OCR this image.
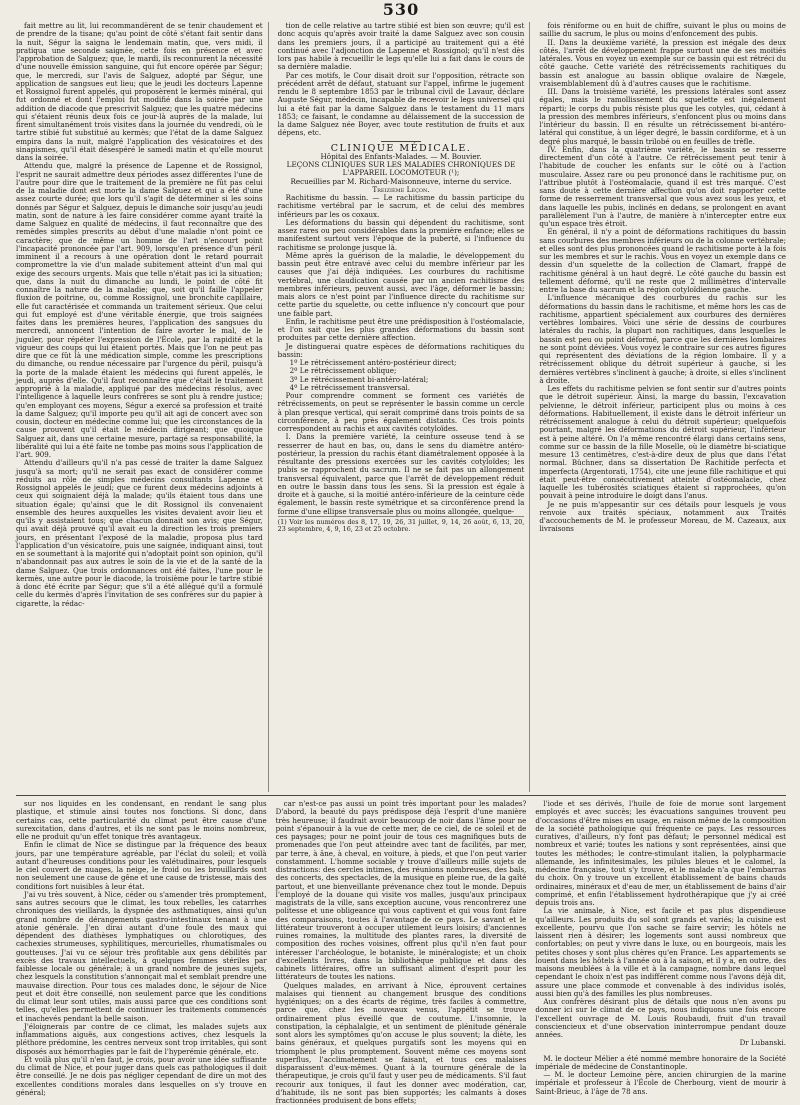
530

fait mettre au lit, lui recommandèrent de se tenir chaudement et de prendre de la tisane; qu'au point de côté s'étant fait sentir dans la nuit, Ségur la saigna le lendemain matin, que, vers midi, il pratiqua une seconde saignée, cette fois en présence et avec l'approbation de Salguez; que, le mardi, ils reconnurent la nécessité d'une nouvelle émission sanguine, qui fut encore opérée par Ségur; que, le mercredi, sur l'avis de Salguez, adopté par Ségur, une application de sangsues eut lieu; que le jeudi les docteurs Lapenne et Rossignol furent appelés, qui proposèrent le kermès minéral, qui fut ordonné et dont l'emploi fut modifié dans la soirée par une addition de diacode que prescrivit Salguez; que les quatre médecins qui s'étaient réunis deux fois ce jour-là auprès de la malade, lui firent simultanément trois visites dans la journée du vendredi, où le tartre stibié fut substitué au kermès; que l'état de la dame Salguez empira dans la nuit, malgré l'application des vésicatoires et des sinapismes, qu'il était désespéré le samedi matin et qu'elle mourut dans la soirée.

Attendu que, malgré la présence de Lapenne et de Rossignol, l'esprit ne saurait admettre deux périodes assez différentes l'une de l'autre pour dire que le traitement de la première ne fût pas celui de la maladie dont est morte la dame Salguez et qui a été d'une assez courte durée; que lors qu'il s'agit de déterminer si les soins donnés par Ségur et Salguez, depuis le dimanche soir jusqu'au jeudi matin, sont de nature à les faire considérer comme ayant traité la dame Salguez en qualité de médecins, il faut reconnaître que des remèdes simples prescrits au début d'une maladie n'ont point ce caractère; que de même un homme de l'art n'encourt point l'incapacité prononcée par l'art. 909, lorsqu'en présence d'un péril imminent il a recours à une opération dont le retard pourrait compromettre la vie d'un malade subitement atteint d'un mal qui exige des secours urgents. Mais que telle n'était pas ici la situation; que, dans la nuit du dimanche au lundi, le point de côté fit connaître la nature de la maladie; que, soit qu'il faille l'appeler fluxion de poitrine, ou, comme Rossignol, une bronchite capillaire, elle fut caractérisée et commanda un traitement sérieux. Que celui qui fut employé est d'une véritable énergie, que trois saignées faites dans les premières heures, l'application des sangsues du mercredi, annoncent l'intention de faire avorter le mal, de le juguler, pour répéter l'expression de l'École, par la rapidité et la vigueur des coups qui lui étaient portés. Mais que l'on ne peut pas dire que ce fût là une médication simple, comme les prescriptions du dimanche, ou rendue nécessaire par l'urgence du péril, puisqu'à la porte de la malade étaient les médecins qui furent appelés, le jeudi, auprès d'elle. Qu'il faut reconnaître que c'était le traitement approprié à la maladie, appliqué par des médecins résolus, avec l'intelligence à laquelle leurs confrères se sont plu à rendre justice; qu'en employant ces moyens, Ségur a exercé sa profession et traité la dame Salguez; qu'il importe peu qu'il ait agi de concert avec son cousin, docteur en médecine comme lui; que les circonstances de la cause prouvent qu'il était le médecin dirigeant; que quoique Salguez ait, dans une certaine mesure, partagé sa responsabilité, la libéralité qui lui a été faite ne tombe pas moins sous l'application de l'art. 909.

Attendu d'ailleurs qu'il n'a pas cessé de traiter la dame Salguez jusqu'à sa mort; qu'il ne serait pas exact de considérer comme réduits au rôle de simples médecins consultants Lapenne et Rossignol appelés le jeudi; que ce furent deux médecins adjoints à ceux qui soignaient déjà la malade; qu'ils étaient tous dans une situation égale; qu'ainsi que le dit Rossignol ils convenaient ensemble des heures auxquelles les visites devaient avoir lieu et qu'ils y assistaient tous; que chacun donnait son avis; que Ségur, qui avait déjà prouvé qu'il avait eu la direction les trois premiers jours, en présentant l'exposé de la maladie, proposa plus tard l'application d'un vésicatoire, puis une saignée, indiquant ainsi, tout en se soumettant à la majorité qui n'adoptait point son opinion, qu'il n'abandonnait pas aux autres le soin de la vie et de la santé de la dame Salguez. Que trois ordonnances ont été faites, l'une pour le kermès, une autre pour le diacode, la troisième pour le tartre stibié à donc été écrite par Ségur; que s'il a été allégué qu'il a formulé celle du kermès d'après l'invitation de ses confrères sur du papier à cigarette, la rédac-

tion de celle relative au tartre stibié est bien son œuvre; qu'il est donc acquis qu'après avoir traité la dame Salguez avec son cousin dans les premiers jours, il a participé au traitement qui a été continué avec l'adjonction de Lapenne et Rossignol; qu'il n'est dès lors pas habile à recueillir le legs qu'elle lui a fait dans le cours de sa dernière maladie.

Par ces motifs, le Cour disait droit sur l'opposition, rétracte son précédent arrêt de défaut, statuant sur l'appel, infirme le jugement rendu le 8 septembre 1853 par le tribunal civil de Lavaur, déclare Auguste Ségur, médecin, incapable de recevoir le legs universel qui lui a été fait par la dame Salguez dans le testament du 11 mars 1853; ce faisant, le condamne au délaissement de la succession de la dame Salguez née Boyer, avec toute restitution de fruits et aux dépens, etc.

CLINIQUE MÉDICALE.

Hôpital des Enfants-Malades. — M. Bouvier.

LEÇONS CLINIQUES SUR LES MALADIES CHRONIQUES DE L'APPAREIL LOCOMOTEUR (¹);

Recueillies par M. Richard-Maisonneuve, interne du service.

Treizième Leçon.

Rachitisme du bassin. — Le rachitisme du bassin participe du rachitisme vertébral par le sacrum, et de celui des membres inférieurs par les os coxaux.

Les déformations du bassin qui dépendent du rachitisme, sont assez rares ou peu considérables dans la première enfance; elles se manifestent surtout vers l'époque de la puberté, si l'influence du rachitisme se prolonge jusque là.

Même après la guérison de la maladie, le développement du bassin peut être entravé avec celui du membre inférieur par les causes que j'ai déjà indiquées. Les courbures du rachitisme vertébral, une claudication causée par un ancien rachitisme des membres inférieurs, peuvent aussi, avec l'âge, déformer le bassin; mais alors ce n'est point par l'influence directe du rachitisme sur cette partie du squelette, ou cette influence n'y concourt que pour une faible part.

Enfin, le rachitisme peut être une prédisposition à l'ostéomalacie, et l'on sait que les plus grandes déformations du bassin sont produites par cette dernière affection.

Je distinguerai quatre espèces de déformations rachitiques du bassin:

1º Le rétrécissement antéro-postérieur direct;

2º Le rétrécissement oblique;

3º Le rétrécissement bi-antéro-latéral;

4º Le rétrécissement transversal.

Pour comprendre comment se forment ces variétés de rétrécissements, on peut se représenter le bassin comme un cercle à plan presque vertical, qui serait comprimé dans trois points de sa circonférence, à peu près également distants. Ces trois points correspondent au rachis et aux cavités cotyloïdes.

I. Dans la première variété, la ceinture osseuse tend à se resserrer de haut en bas, ou, dans le sens du diamètre antéro-postérieur, la pression du rachis étant diamétralement opposée à la résultante des pressions exercées sur les cavités cotyloïdes; les pubis se rapprochent du sacrum. Il ne se fait pas un allongement transversal équivalent, parce que l'arrêt de développement réduit en outre le bassin dans tous les sens. Si la pression est égale à droite et à gauche, si la moitié antéro-inférieure de la ceinture cède également, le bassin reste symétrique et sa circonférence prend la forme d'une ellipse transversale plus ou moins allongée, quelque-

(1) Voir les numéros des 8, 17, 19, 26, 31 juillet, 9, 14, 26 août, 6, 13, 20, 23 septembre, 4, 9, 16, 23 et 25 octobre.

fois réniforme ou en huit de chiffre, suivant le plus ou moins de saillie du sacrum, le plus ou moins d'enfoncement des pubis.

II. Dans la deuxième variété, la pression est inégale des deux côtés, l'arrêt de développement frappe surtout une de ses moitiés latérales. Vous en voyez un exemple sur ce bassin qui est rétréci du côté gauche. Cette variété des rétrécissements rachitiques du bassin est analogue au bassin oblique ovalaire de Nægele, vraisemblablement dû à d'autres causes que le rachitisme.

III. Dans la troisième variété, les pressions latérales sont assez égales, mais le ramollissement du squelette est inégalement réparti; le corps du pubis résiste plus que les cotyles, qui, cédant à la pression des membres inférieurs, s'enfoncent plus ou moins dans l'intérieur du bassin. Il en résulte un rétrécissement bi-antéro-latéral qui constitue, à un léger degré, le bassin cordiforme, et à un degré plus marqué, le bassin trilobé ou en feuilles de trèfle.

IV. Enfin, dans la quatrième variété, le bassin se resserre directement d'un côté à l'autre. Ce rétrécissement peut tenir à l'habitude de coucher les enfants sur le côté ou à l'action musculaire. Assez rare ou peu prononcé dans le rachitisme pur, on l'attribue plutôt à l'ostéomalacie, quand il est très marqué. C'est sans doute à cette dernière affection qu'on doit rapporter cette forme de resserrement transversal que vous avez sous les yeux, et dans laquelle les pubis, inclinés en dedans, se prolongent en avant parallèlement l'un à l'autre, de manière à n'intercepter entre eux qu'un espace très étroit.

En général, il n'y a point de déformations rachitiques du bassin sans courbures des membres inférieurs ou de la colonne vertébrale; et elles sont des plus prononcées quand le rachitisme porte à la fois sur les membres et sur le rachis. Vous en voyez un exemple dans ce dessin d'un squelette de la collection de Clamart, frappé de rachitisme général à un haut degré. Le côté gauche du bassin est tellement déformé, qu'il ne reste que 2 millimètres d'intervalle entre la base du sacrum et la région cotyloïdienne gauche.

L'influence mécanique des courbures du rachis sur les déformations du bassin dans le rachitisme, et même hors les cas de rachitisme, appartient spécialement aux courbures des dernières vertèbres lombaires. Voici une série de dessins de courbures latérales du rachis, la plupart non rachitiques, dans lesquelles le bassin est peu ou point déformé, parce que les dernières lombaires ne sont point déviées. Vous voyez le contraire sur ces autres figures qui représentent des déviations de la région lombaire. Il y a rétrécissement oblique du détroit supérieur à gauche, si les dernières vertèbres s'inclinent à gauche; à droite, si elles s'inclinent à droite.

Les effets du rachitisme pelvien se font sentir sur d'autres points que le détroit supérieur. Ainsi, la marge du bassin, l'excavation pelvienne, le détroit inférieur, participent plus ou moins à ces déformations. Habituellement, il existe dans le détroit inférieur un rétrécissement analogue à celui du détroit supérieur; quelquefois pourtant, malgré les déformations du détroit supérieur, l'inférieur est à peine altéré. On l'a même rencontré élargi dans certains sens, comme sur ce bassin de la fille Moselle, où le diamètre bi-sciatique mesure 13 centimètres, c'est-à-dire deux de plus que dans l'état normal. Büchner, dans sa dissertation De Rachitide perfecta et imperfecta (Argentorati, 1754), cite une jeune fille rachitique et qui était peut-être consécutivement atteinte d'ostéomalacie, chez laquelle les tubérosités sciatiques étaient si rapprochées, qu'on pouvait à peine introduire le doigt dans l'anus.

Je ne puis m'appesantir sur ces détails pour lesquels je vous renvoie aux traités spéciaux, notamment aux Traités d'accouchements de M. le professeur Moreau, de M. Cazeaux, aux livraisons

sur nos liquides en les condensant, en rendant le sang plus plastique, et stimule ainsi toutes nos fonctions. Si donc, dans certains cas, cette particularité du climat peut être cause d'une surexcitation, dans d'autres, et ils ne sont pas le moins nombreux, elle ne produit qu'un effet tonique très avantageux.

Enfin le climat de Nice se distingue par la fréquence des beaux jours, par une température agréable, par l'éclat du soleil; et voilà autant d'heureuses conditions pour les valétudinaires, pour lesquels le ciel couvert de nuages, la neige, le froid ou les brouillards sont non seulement une cause de gêne et une cause de tristesse, mais des conditions fort nuisibles à leur état.

J'ai vu très souvent, à Nice, céder ou s'amender très promptement, sans autres secours que le climat, les toux rebelles, les catarrhes chroniques des vieillards, la dyspnée des asthmatiques, ainsi qu'un grand nombre de dérangements gastro-intestinaux tenant à une atonie générale. J'en dirai autant d'une foule des maux qui dépendent des diathèses lymphatiques ou chlorotiques, des cachexies strumeuses, syphilitiques, mercurielles, rhumatismales ou goutteuses. J'ai vu ce séjour très profitable aux gens débilités par excès des travaux intellectuels, à quelques femmes stériles par faiblesse locale ou générale; à un grand nombre de jeunes sujets, chez lesquels la constitution s'annonçait mal et semblait prendre une mauvaise direction. Pour tous ces malades donc, le séjour de Nice peut et doit être conseillé, non seulement parce que les conditions du climat leur sont utiles, mais aussi parce que ces conditions sont telles, qu'elles permettent de continuer les traitements commencés et inachevés pendant la belle saison.

J'éloignerais par contre de ce climat, les malades sujets aux inflammations aiguës, aux congestions actives, chez lesquels la pléthore prédomine, les centres nerveux sont trop irritables, qui sont disposés aux hémorrhagies par le fait de l'hyperémie générale, etc.

Et voilà plus qu'il n'en faut, je crois, pour avoir une idée suffisante du climat de Nice, et pour juger dans quels cas pathologiques il doit être conseillé. Je ne dois pas négliger cependant de dire un mot des excellentes conditions morales dans lesquelles on s'y trouve en général;

car n'est-ce pas aussi un point très important pour les malades? D'abord, la beauté du pays prédispose déjà l'esprit d'une manière très heureuse; il faudrait avoir beaucoup de noir dans l'âme pour ne point s'épanouir à la vue de cette mer, de ce ciel, de ce soleil et de ces paysages; pour ne point jouir de tous ces magnifiques buts de promenades que l'on peut atteindre avec tant de facilités, par mer, par terre, à âne, à cheval, en voiture, à pieds, et que l'on peut varier constamment. L'homme sociable y trouve d'ailleurs mille sujets de distractions: des cercles intimes, des réunions nombreuses, des bals, des concerts, des spectacles, de la musique en pleine rue, de la gaîté partout, et une bienveillante prévenance chez tout le monde. Depuis l'employé de la douane qui visite vos malles, jusqu'aux principaux magistrats de la ville, sans exception aucune, vous rencontrerez une politesse et une obligeance qui vous captivent et qui vous font faire des comparaisons, toutes à l'avantage de ce pays. Le savant et le littérateur trouveront à occuper utilement leurs loisirs; d'anciennes ruines romaines, la multitude des plantes rares, la diversité de composition des roches voisines, offrent plus qu'il n'en faut pour intéresser l'archéologue, le botaniste, le minéralogiste; et un choix d'excellents livres, dans la bibliothèque publique et dans des cabinets littéraires, offre un suffisant aliment d'esprit pour les littérateurs de toutes les nations.

Quelques malades, en arrivant à Nice, éprouvent certaines malaises qui tiennent au changement brusque des conditions hygiéniques; on a des écarts de régime, très faciles à commettre, parce que, chez les nouveaux venus, l'appétit se trouve ordinairement plus éveillé que de coutume. L'insomnie, la constipation, la céphalalgie, et un sentiment de plénitude générale sont alors les symptômes qu'on accuse le plus souvent; la diète, les bains généraux, et quelques purgatifs sont les moyens qui en triomphent le plus promptement. Souvent même ces moyens sont superflus, l'acclimatement se faisant, et tous ces malaises disparaissent d'eux-mêmes. Quant à la tournure générale de la thérapeutique, je crois qu'il faut y user peu de médicaments. S'il faut recourir aux toniques, il faut les donner avec modération, car, d'habitude, ils ne sont pas bien supportés; les calmants à doses fractionnées produisent de bons effets;

l'iode et ses dérivés, l'huile de foie de morue sont largement employés et avec succès; les évacuations sanguines trouvent peu d'occasions d'être mises en usage, en raison même de la composition de la société pathologique qui fréquente ce pays. Les ressources curatives, d'ailleurs, n'y font pas défaut; le personnel médical est nombreux et varié; toutes les nations y sont représentées, ainsi que toutes les méthodes; le contre-stimulant italien, la polypharmacie allemande, les infinitesimales, les pilules bleues et le calomel, la médecine française, tout s'y trouve, et le malade n'a que l'embarras du choix. On y trouve un excellent établissement de bains chauds ordinaires, minéraux et d'eau de mer, un établissement de bains d'air comprimé, et enfin l'établissement hydrothérapique que j'y ai créé depuis trois ans.

La vie animale, à Nice, est facile et pas plus dispendieuse qu'ailleurs. Les produits du sol sont grands et variés; la cuisine est excellente, pourvu que l'on sache se faire servir; les hôtels ne laissent rien à désirer; les logements sont aussi nombreux que confortables; on peut y vivre dans le luxe, ou en bourgeois, mais les petites choses y sont plus chères qu'en France. Les appartements se louent dans les hôtels à l'année ou à la saison, et il y a, en outre, des maisons meublées à la ville et à la campagne, nombre dans lequel cependant le choix n'est pas indifférent comme nous l'avons déjà dit, assure une place commode et convenable à des individus isolés, aussi bien qu'à des familles les plus nombreuses.

Aux confrères désirant plus de détails que nous n'en avons pu donner ici sur le climat de ce pays, nous indiquons une fois encore l'excellent ouvrage de M. Louis Roubaudi, fruit d'un travail consciencieux et d'une observation ininterrompue pendant douze années.

Dr Lubanski.

M. le docteur Mélier a été nommé membre honoraire de la Société impériale de médecine de Constantinople.

— M. le docteur Lemoine père, ancien chirurgien de la marine impériale et professeur à l'École de Cherbourg, vient de mourir à Saint-Brieuc, à l'âge de 78 ans.
